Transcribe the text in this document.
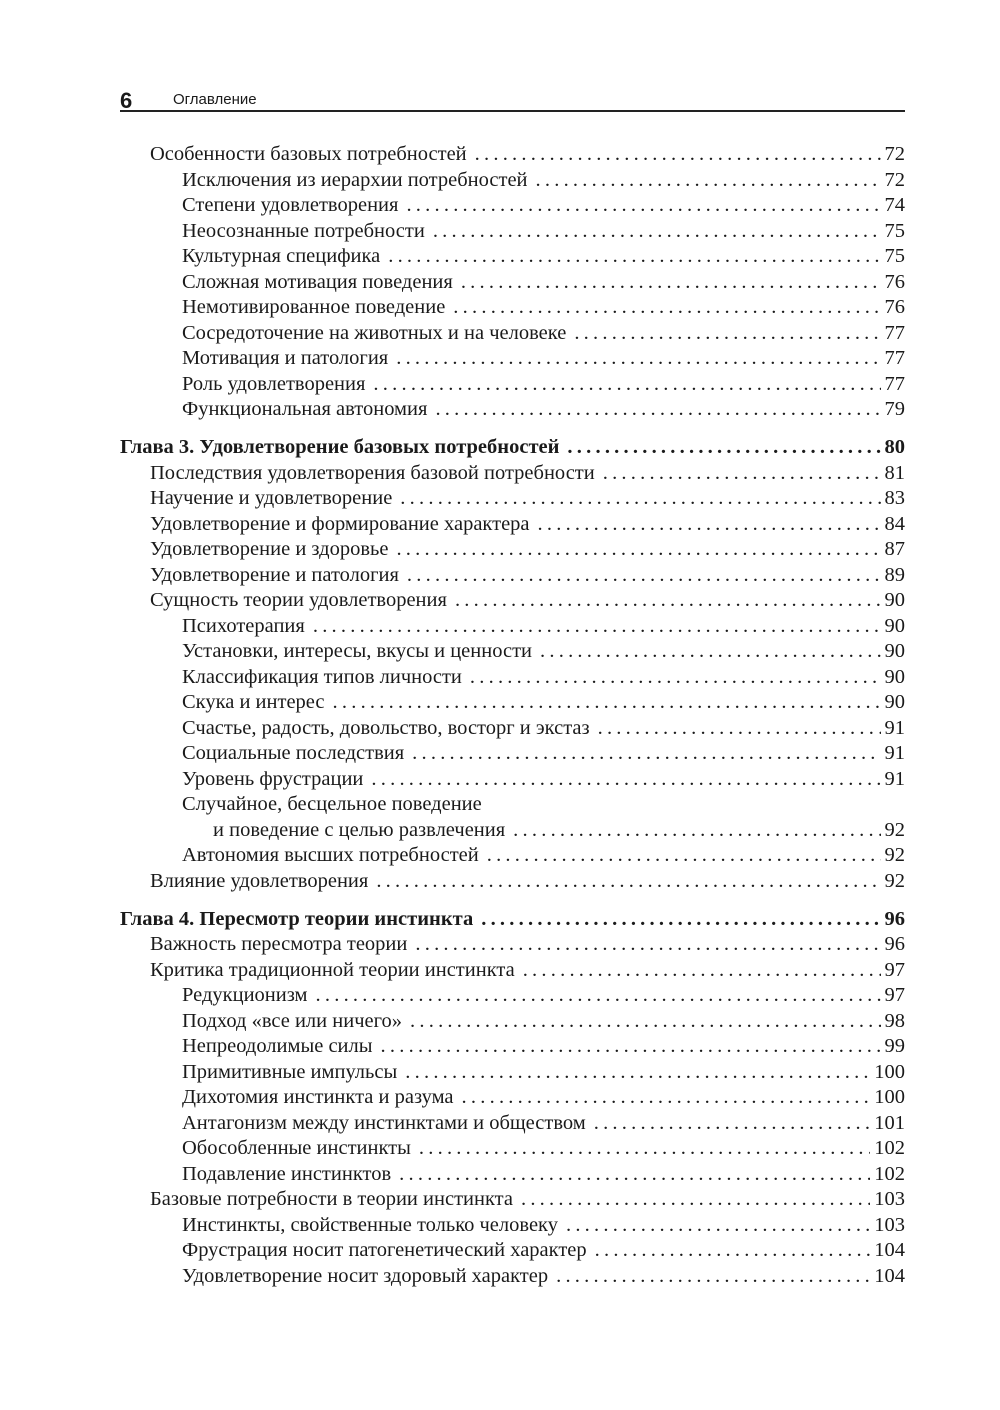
6	Оглавление
Особенности базовых потребностей . . .	72
Исключения из иерархии потребностей . . .	72
Степени удовлетворения . . .	74
Неосознанные потребности . . .	75
Культурная специфика . . .	75
Сложная мотивация поведения . . .	76
Немотивированное поведение . . .	76
Сосредоточение на животных и на человеке . . .	77
Мотивация и патология . . .	77
Роль удовлетворения . . .	77
Функциональная автономия . . .	79
Глава 3. Удовлетворение базовых потребностей . . .	80
Последствия удовлетворения базовой потребности . . .	81
Научение и удовлетворение . . .	83
Удовлетворение и формирование характера . . .	84
Удовлетворение и здоровье . . .	87
Удовлетворение и патология . . .	89
Сущность теории удовлетворения . . .	90
Психотерапия . . .	90
Установки, интересы, вкусы и ценности . . .	90
Классификация типов личности . . .	90
Скука и интерес . . .	90
Счастье, радость, довольство, восторг и экстаз . . .	91
Социальные последствия . . .	91
Уровень фрустрации . . .	91
Случайное, бесцельное поведение
и поведение с целью развлечения . . .	92
Автономия высших потребностей . . .	92
Влияние удовлетворения . . .	92
Глава 4. Пересмотр теории инстинкта . . .	96
Важность пересмотра теории . . .	96
Критика традиционной теории инстинкта . . .	97
Редукционизм . . .	97
Подход «все или ничего» . . .	98
Непреодолимые силы . . .	99
Примитивные импульсы . . .	100
Дихотомия инстинкта и разума . . .	100
Антагонизм между инстинктами и обществом . . .	101
Обособленные инстинкты . . .	102
Подавление инстинктов . . .	102
Базовые потребности в теории инстинкта . . .	103
Инстинкты, свойственные только человеку . . .	103
Фрустрация носит патогенетический характер . . .	104
Удовлетворение носит здоровый характер . . .	104
